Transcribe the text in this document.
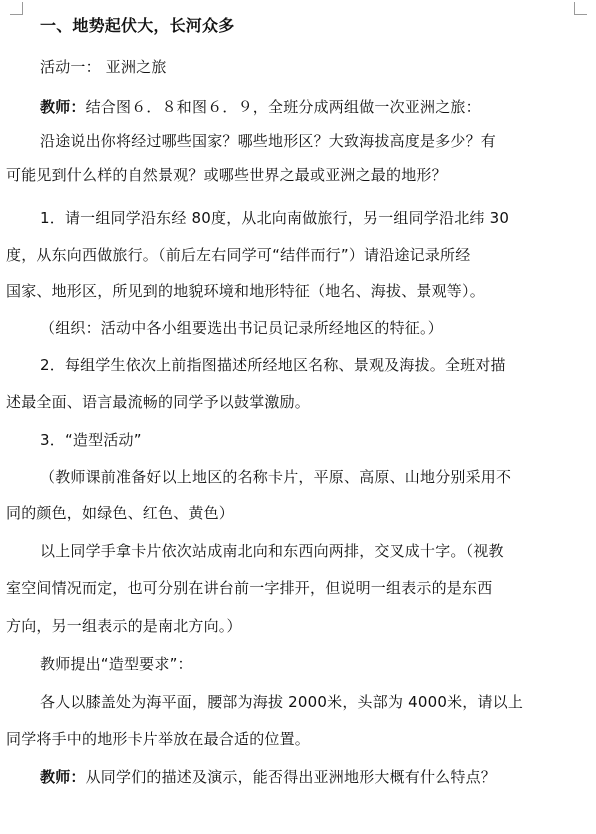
一、地势起伏大，长河众多
活动一： 亚洲之旅
教师：结合图６．８和图６．９，全班分成两组做一次亚洲之旅：
沿途说出你将经过哪些国家？哪些地形区？大致海拔高度是多少？有
可能见到什么样的自然景观？或哪些世界之最或亚洲之最的地形？
1．请一组同学沿东经 80度，从北向南做旅行，另一组同学沿北纬 30
度，从东向西做旅行。（前后左右同学可“结伴而行”）请沿途记录所经
国家、地形区，所见到的地貌环境和地形特征（地名、海拔、景观等）。
（组织：活动中各小组要选出书记员记录所经地区的特征。）
2．每组学生依次上前指图描述所经地区名称、景观及海拔。全班对描
述最全面、语言最流畅的同学予以鼓掌激励。
3．“造型活动”
（教师课前准备好以上地区的名称卡片，平原、高原、山地分别采用不
同的颜色，如绿色、红色、黄色）
以上同学手拿卡片依次站成南北向和东西向两排，交叉成十字。（视教
室空间情况而定，也可分别在讲台前一字排开，但说明一组表示的是东西
方向，另一组表示的是南北方向。）
教师提出“造型要求”：
各人以膝盖处为海平面，腰部为海拔 2000米，头部为 4000米，请以上
同学将手中的地形卡片举放在最合适的位置。
教师：从同学们的描述及演示，能否得出亚洲地形大概有什么特点？
